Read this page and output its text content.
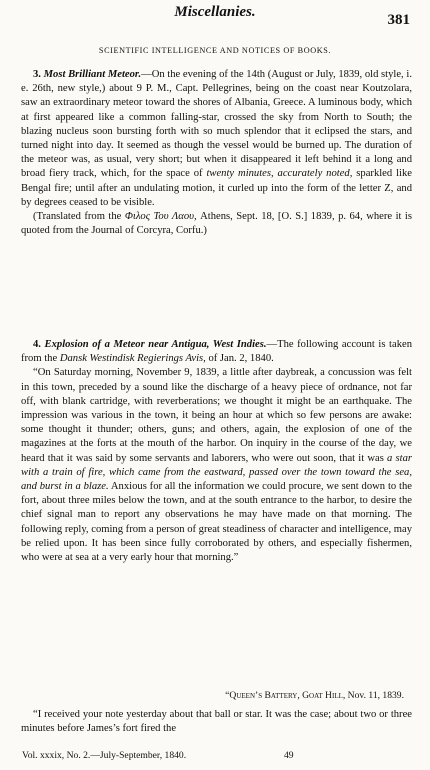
Miscellanies.	381
SCIENTIFIC INTELLIGENCE AND NOTICES OF BOOKS.

3. Most Brilliant Meteor.—On the evening of the 14th (August or July, 1839, old style, i. e. 26th, new style,) about 9 P. M., Capt. Pellegrines, being on the coast near Koutzolara, saw an extraordinary meteor toward the shores of Albania, Greece. A luminous body, which at first appeared like a common falling-star, crossed the sky from North to South; the blazing nucleus soon bursting forth with so much splendor that it eclipsed the stars, and turned night into day. It seemed as though the vessel would be burned up. The duration of the meteor was, as usual, very short; but when it disappeared it left behind it a long and broad fiery track, which, for the space of twenty minutes, accurately noted, sparkled like Bengal fire; until after an undulating motion, it curled up into the form of the letter Z, and by degrees ceased to be visible.

(Translated from the Φιλος Του Λαου, Athens, Sept. 18, [O. S.] 1839, p. 64, where it is quoted from the Journal of Corcyra, Corfu.)

4. Explosion of a Meteor near Antigua, West Indies.—The following account is taken from the Dansk Westindisk Regierings Avis, of Jan. 2, 1840.

“On Saturday morning, November 9, 1839, a little after daybreak, a concussion was felt in this town, preceded by a sound like the discharge of a heavy piece of ordnance, not far off, with blank cartridge, with reverberations; we thought it might be an earthquake. The impression was various in the town, it being an hour at which so few persons are awake: some thought it thunder; others, guns; and others, again, the explosion of one of the magazines at the forts at the mouth of the harbor. On inquiry in the course of the day, we heard that it was said by some servants and laborers, who were out soon, that it was a star with a train of fire, which came from the eastward, passed over the town toward the sea, and burst in a blaze. Anxious for all the information we could procure, we sent down to the fort, about three miles below the town, and at the south entrance to the harbor, to desire the chief signal man to report any observations he may have made on that morning. The following reply, coming from a person of great steadiness of character and intelligence, may be relied upon. It has been since fully corroborated by others, and especially fishermen, who were at sea at a very early hour that morning.”

“Queen’s Battery, Goat Hill, Nov. 11, 1839.

“I received your note yesterday about that ball or star. It was the case; about two or three minutes before James’s fort fired the

Vol. xxxix, No. 2.—July-September, 1840.	49
